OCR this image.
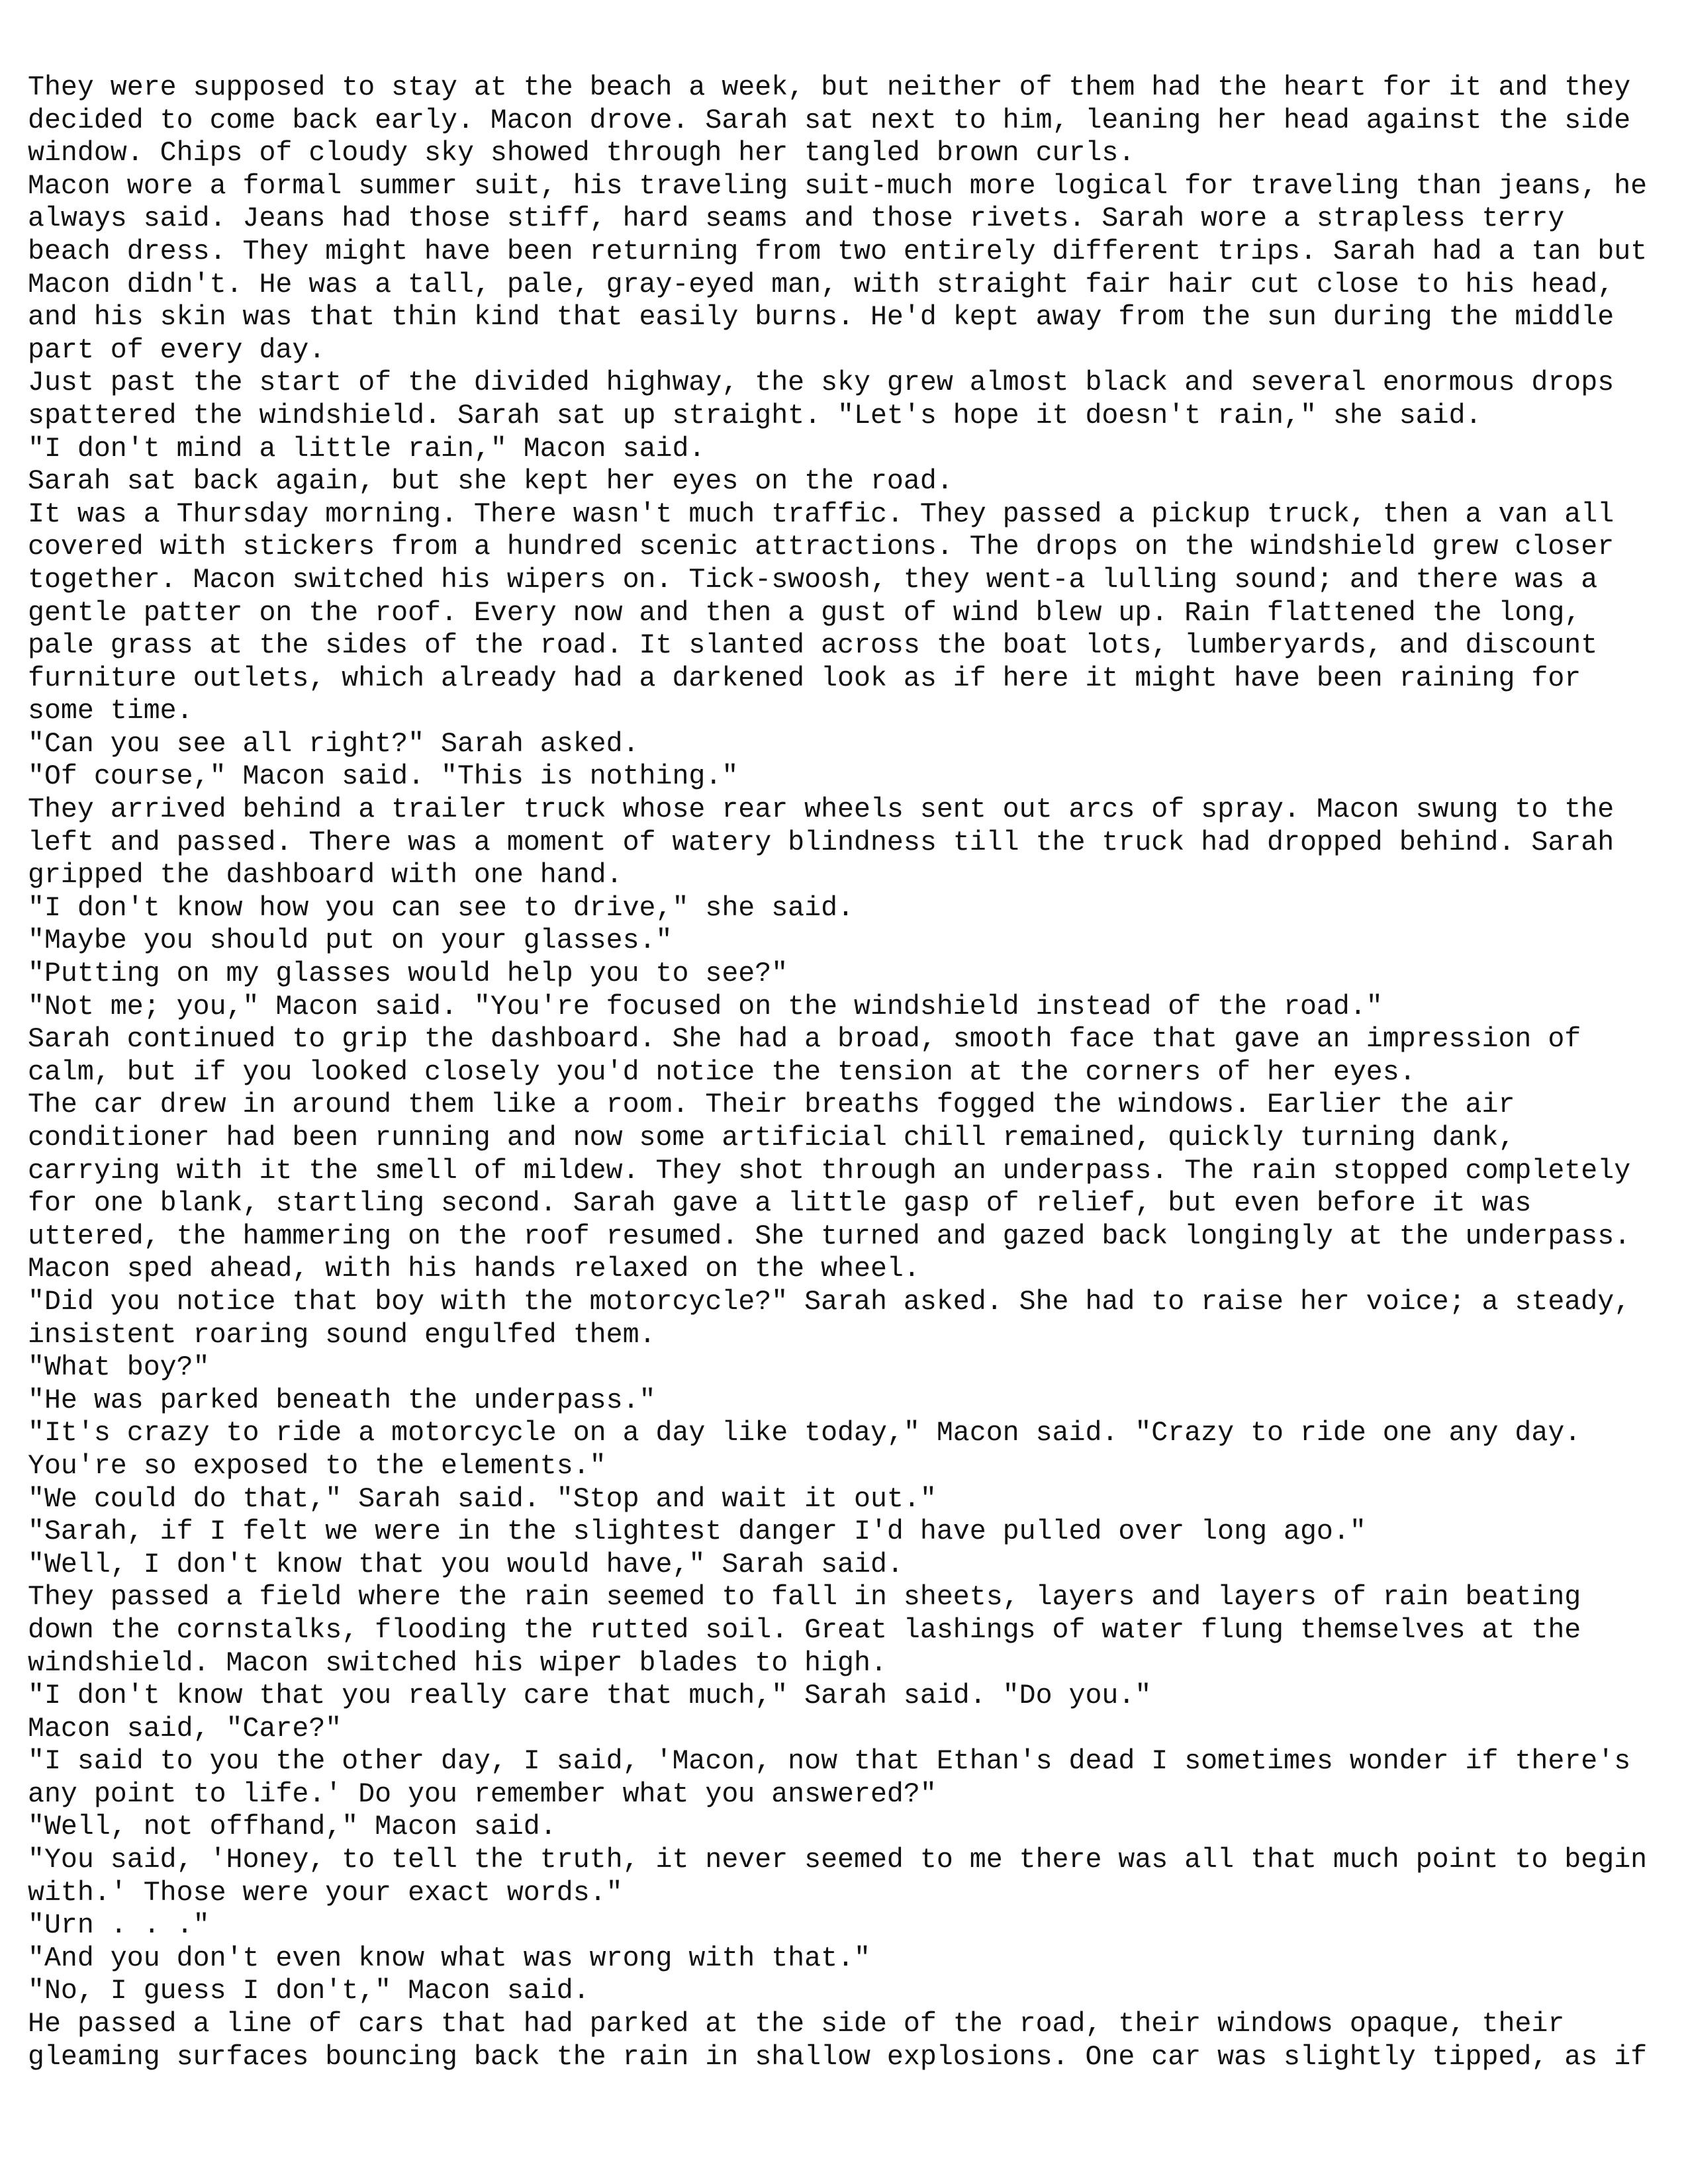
They were supposed to stay at the beach a week, but neither of them had the heart for it and they
decided to come back early. Macon drove. Sarah sat next to him, leaning her head against the side
window. Chips of cloudy sky showed through her tangled brown curls.
Macon wore a formal summer suit, his traveling suit-much more logical for traveling than jeans, he
always said. Jeans had those stiff, hard seams and those rivets. Sarah wore a strapless terry
beach dress. They might have been returning from two entirely different trips. Sarah had a tan but
Macon didn't. He was a tall, pale, gray-eyed man, with straight fair hair cut close to his head,
and his skin was that thin kind that easily burns. He'd kept away from the sun during the middle
part of every day.
Just past the start of the divided highway, the sky grew almost black and several enormous drops
spattered the windshield. Sarah sat up straight. "Let's hope it doesn't rain," she said.
"I don't mind a little rain," Macon said.
Sarah sat back again, but she kept her eyes on the road.
It was a Thursday morning. There wasn't much traffic. They passed a pickup truck, then a van all
covered with stickers from a hundred scenic attractions. The drops on the windshield grew closer
together. Macon switched his wipers on. Tick-swoosh, they went-a lulling sound; and there was a
gentle patter on the roof. Every now and then a gust of wind blew up. Rain flattened the long,
pale grass at the sides of the road. It slanted across the boat lots, lumberyards, and discount
furniture outlets, which already had a darkened look as if here it might have been raining for
some time.
"Can you see all right?" Sarah asked.
"Of course," Macon said. "This is nothing."
They arrived behind a trailer truck whose rear wheels sent out arcs of spray. Macon swung to the
left and passed. There was a moment of watery blindness till the truck had dropped behind. Sarah
gripped the dashboard with one hand.
"I don't know how you can see to drive," she said.
"Maybe you should put on your glasses."
"Putting on my glasses would help you to see?"
"Not me; you," Macon said. "You're focused on the windshield instead of the road."
Sarah continued to grip the dashboard. She had a broad, smooth face that gave an impression of
calm, but if you looked closely you'd notice the tension at the corners of her eyes.
The car drew in around them like a room. Their breaths fogged the windows. Earlier the air
conditioner had been running and now some artificial chill remained, quickly turning dank,
carrying with it the smell of mildew. They shot through an underpass. The rain stopped completely
for one blank, startling second. Sarah gave a little gasp of relief, but even before it was
uttered, the hammering on the roof resumed. She turned and gazed back longingly at the underpass.
Macon sped ahead, with his hands relaxed on the wheel.
"Did you notice that boy with the motorcycle?" Sarah asked. She had to raise her voice; a steady,
insistent roaring sound engulfed them.
"What boy?"
"He was parked beneath the underpass."
"It's crazy to ride a motorcycle on a day like today," Macon said. "Crazy to ride one any day.
You're so exposed to the elements."
"We could do that," Sarah said. "Stop and wait it out."
"Sarah, if I felt we were in the slightest danger I'd have pulled over long ago."
"Well, I don't know that you would have," Sarah said.
They passed a field where the rain seemed to fall in sheets, layers and layers of rain beating
down the cornstalks, flooding the rutted soil. Great lashings of water flung themselves at the
windshield. Macon switched his wiper blades to high.
"I don't know that you really care that much," Sarah said. "Do you."
Macon said, "Care?"
"I said to you the other day, I said, 'Macon, now that Ethan's dead I sometimes wonder if there's
any point to life.' Do you remember what you answered?"
"Well, not offhand," Macon said.
"You said, 'Honey, to tell the truth, it never seemed to me there was all that much point to begin
with.' Those were your exact words."
"Urn . . ."
"And you don't even know what was wrong with that."
"No, I guess I don't," Macon said.
He passed a line of cars that had parked at the side of the road, their windows opaque, their
gleaming surfaces bouncing back the rain in shallow explosions. One car was slightly tipped, as if
